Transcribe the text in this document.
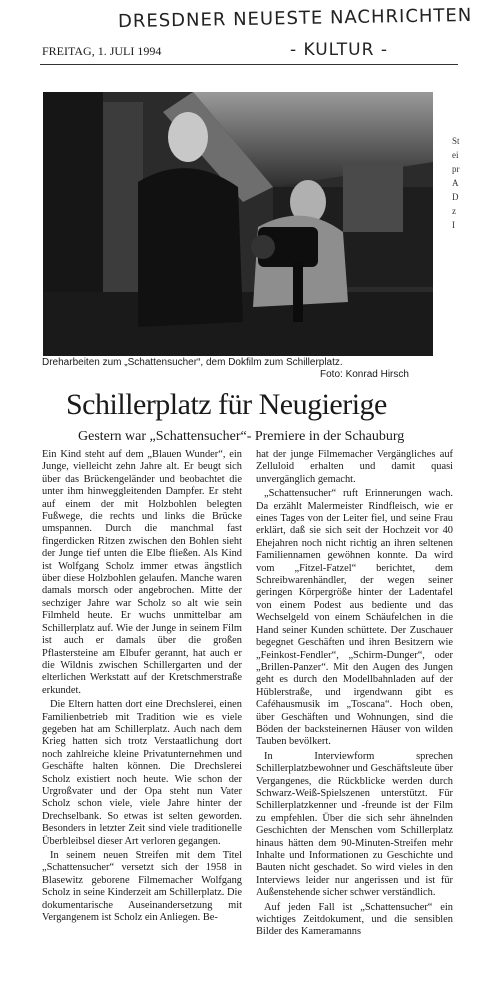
DRESDNER NEUESTE NACHRICHTEN
- KULTUR -
FREITAG, 1. JULI 1994
Dreharbeiten zum „Schattensucher“, dem Dokfilm zum Schillerplatz.
Foto: Konrad Hirsch
St
ei
pr
A
D
z
I
Schillerplatz für Neugierige
Gestern war „Schattensucher“- Premiere in der Schauburg

Ein Kind steht auf dem „Blauen Wunder“, ein Junge, vielleicht zehn Jahre alt. Er beugt sich über das Brückengeländer und beobachtet die unter ihm hinweggleitenden Dampfer. Er steht auf einem der mit Holzbohlen belegten Fußwege, die rechts und links die Brücke umspannen. Durch die manchmal fast fingerdicken Ritzen zwischen den Bohlen sieht der Junge tief unten die Elbe fließen. Als Kind ist Wolfgang Scholz immer etwas ängstlich über diese Holzbohlen gelaufen. Manche waren damals morsch oder angebrochen. Mitte der sechziger Jahre war Scholz so alt wie sein Filmheld heute. Er wuchs unmittelbar am Schillerplatz auf. Wie der Junge in seinem Film ist auch er damals über die großen Pflastersteine am Elbufer gerannt, hat auch er die Wildnis zwischen Schillergarten und der elterlichen Werkstatt auf der Kretschmerstraße erkundet.

Die Eltern hatten dort eine Drechslerei, einen Familienbetrieb mit Tradition wie es viele gegeben hat am Schillerplatz. Auch nach dem Krieg hatten sich trotz Verstaatlichung dort noch zahlreiche kleine Privatunternehmen und Geschäfte halten können. Die Drechslerei Scholz existiert noch heute. Wie schon der Urgroßvater und der Opa steht nun Vater Scholz schon viele, viele Jahre hinter der Drechselbank. So etwas ist selten geworden. Besonders in letzter Zeit sind viele traditionelle Überbleibsel dieser Art verloren gegangen.

In seinem neuen Streifen mit dem Titel „Schattensucher“ versetzt sich der 1958 in Blasewitz geborene Filmemacher Wolfgang Scholz in seine Kinderzeit am Schillerplatz. Die dokumentarische Auseinandersetzung mit Vergangenem ist Scholz ein Anliegen. Be-

hat der junge Filmemacher Vergängliches auf Zelluloid erhalten und damit quasi unvergänglich gemacht.

„Schattensucher“ ruft Erinnerungen wach. Da erzählt Malermeister Rindfleisch, wie er eines Tages von der Leiter fiel, und seine Frau erklärt, daß sie sich seit der Hochzeit vor 40 Ehejahren noch nicht richtig an ihren seltenen Familiennamen gewöhnen konnte. Da wird vom „Fitzel-Fatzel“ berichtet, dem Schreibwarenhändler, der wegen seiner geringen Körpergröße hinter der Ladentafel von einem Podest aus bediente und das Wechselgeld von einem Schäufelchen in die Hand seiner Kunden schüttete. Der Zuschauer begegnet Geschäften und ihren Besitzern wie „Feinkost-Fendler“, „Schirm-Dunger“, oder „Brillen-Panzer“. Mit den Augen des Jungen geht es durch den Modellbahnladen auf der Hüblerstraße, und irgendwann gibt es Caféhausmusik im „Toscana“. Hoch oben, über Geschäften und Wohnungen, sind die Böden der backsteinernen Häuser von wilden Tauben bevölkert.

In Interviewform sprechen Schillerplatzbewohner und Geschäftsleute über Vergangenes, die Rückblicke werden durch Schwarz-Weiß-Spielszenen unterstützt. Für Schillerplatzkenner und -freunde ist der Film zu empfehlen. Über die sich sehr ähnelnden Geschichten der Menschen vom Schillerplatz hinaus hätten dem 90-Minuten-Streifen mehr Inhalte und Informationen zu Geschichte und Bauten nicht geschadet. So wird vieles in den Interviews leider nur angerissen und ist für Außenstehende sicher schwer verständlich.

Auf jeden Fall ist „Schattensucher“ ein wichtiges Zeitdokument, und die sensiblen Bilder des Kameramanns
